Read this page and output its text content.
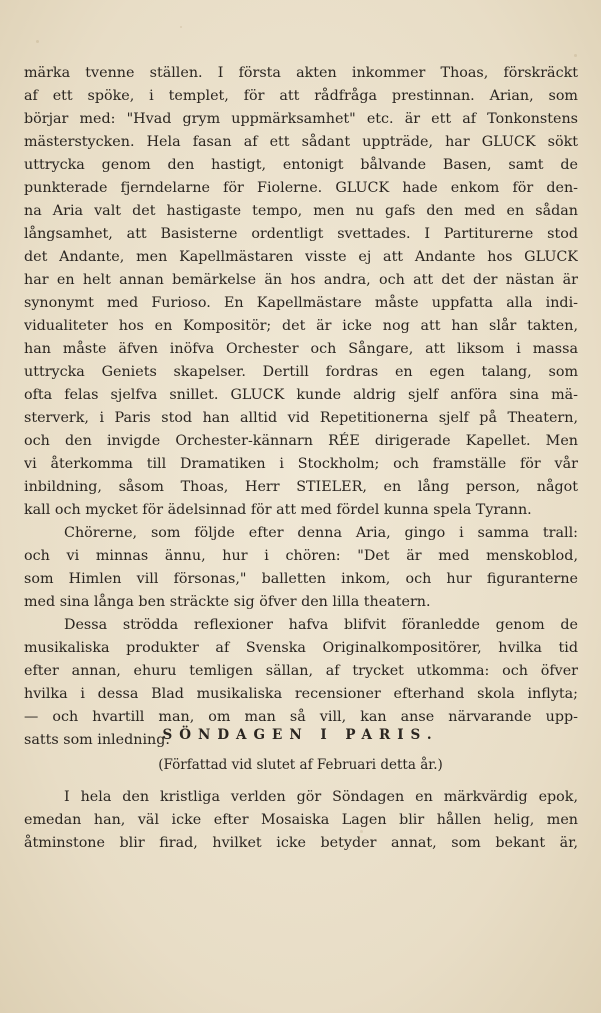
märka tvenne ställen. I första akten inkommer Thoas, förskräckt
af ett spöke, i templet, för att rådfråga prestinnan. Arian, som
börjar med: "Hvad grym uppmärksamhet" etc. är ett af Tonkonstens
mästerstycken. Hela fasan af ett sådant uppträde, har GLUCK sökt
uttrycka genom den hastigt, entonigt bålvande Basen, samt de
punkterade fjerndelarne för Fiolerne. GLUCK hade enkom för den-
na Aria valt det hastigaste tempo, men nu gafs den med en sådan
långsamhet, att Basisterne ordentligt svettades. I Partiturerne stod
det Andante, men Kapellmästaren visste ej att Andante hos GLUCK
har en helt annan bemärkelse än hos andra, och att det der nästan är
synonymt med Furioso. En Kapellmästare måste uppfatta alla indi-
vidualiteter hos en Kompositör; det är icke nog att han slår takten,
han måste äfven inöfva Orchester och Sångare, att liksom i massa
uttrycka Geniets skapelser. Dertill fordras en egen talang, som
ofta felas sjelfva snillet. GLUCK kunde aldrig sjelf anföra sina mä-
sterverk, i Paris stod han alltid vid Repetitionerna sjelf på Theatern,
och den invigde Orchester-kännarn RÉE dirigerade Kapellet. Men
vi återkomma till Dramatiken i Stockholm; och framställe för vår
inbildning, såsom Thoas, Herr STIELER, en lång person, något
kall och mycket för ädelsinnad för att med fördel kunna spela Tyrann.
Chörerne, som följde efter denna Aria, gingo i samma trall:
och vi minnas ännu, hur i chören: "Det är med menskoblod,
som Himlen vill försonas," balletten inkom, och hur figuranterne
med sina långa ben sträckte sig öfver den lilla theatern.
Dessa strödda reflexioner hafva blifvit föranledde genom de
musikaliska produkter af Svenska Originalkompositörer, hvilka tid
efter annan, ehuru temligen sällan, af trycket utkomma: och öfver
hvilka i dessa Blad musikaliska recensioner efterhand skola inflyta;
— och hvartill man, om man så vill, kan anse närvarande upp-
satts som inledning.
SÖNDAGEN I PARIS.
(Författad vid slutet af Februari detta år.)
I hela den kristliga verlden gör Söndagen en märkvärdig epok,
emedan han, väl icke efter Mosaiska Lagen blir hållen helig, men
åtminstone blir firad, hvilket icke betyder annat, som bekant är,
